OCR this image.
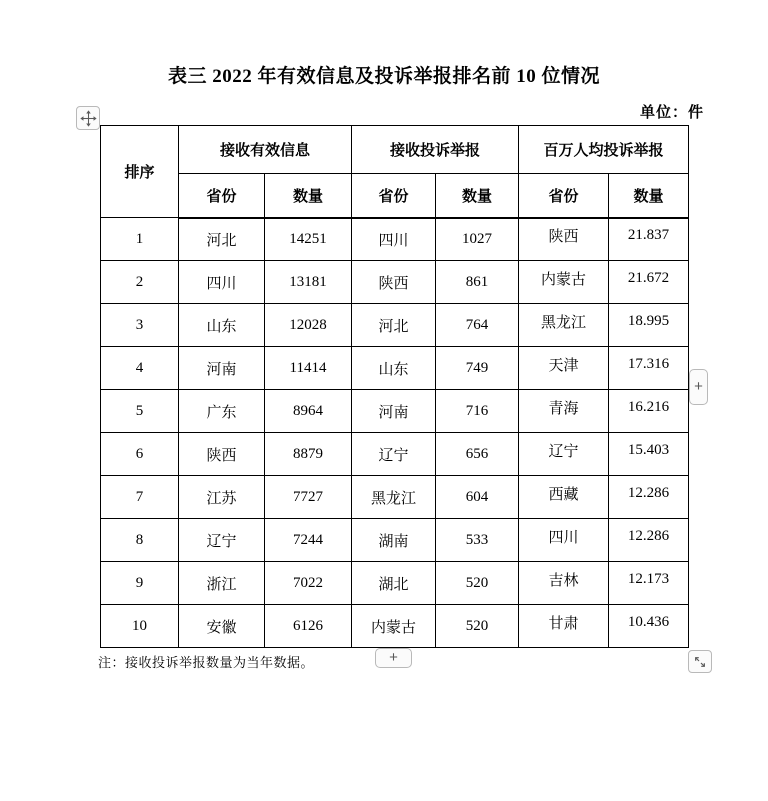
表三 2022 年有效信息及投诉举报排名前 10 位情况
单位：件
排序	接收有效信息		接收投诉举报		百万人均投诉举报	
	省份	数量	省份	数量	省份	数量
1	河北	14251	四川	1027	陕西	21.837
2	四川	13181	陕西	861	内蒙古	21.672
3	山东	12028	河北	764	黑龙江	18.995
4	河南	11414	山东	749	天津	17.316
5	广东	8964	河南	716	青海	16.216
6	陕西	8879	辽宁	656	辽宁	15.403
7	江苏	7727	黑龙江	604	西藏	12.286
8	辽宁	7244	湖南	533	四川	12.286
9	浙江	7022	湖北	520	吉林	12.173
10	安徽	6126	内蒙古	520	甘肃	10.436
+
+
注：接收投诉举报数量为当年数据。
